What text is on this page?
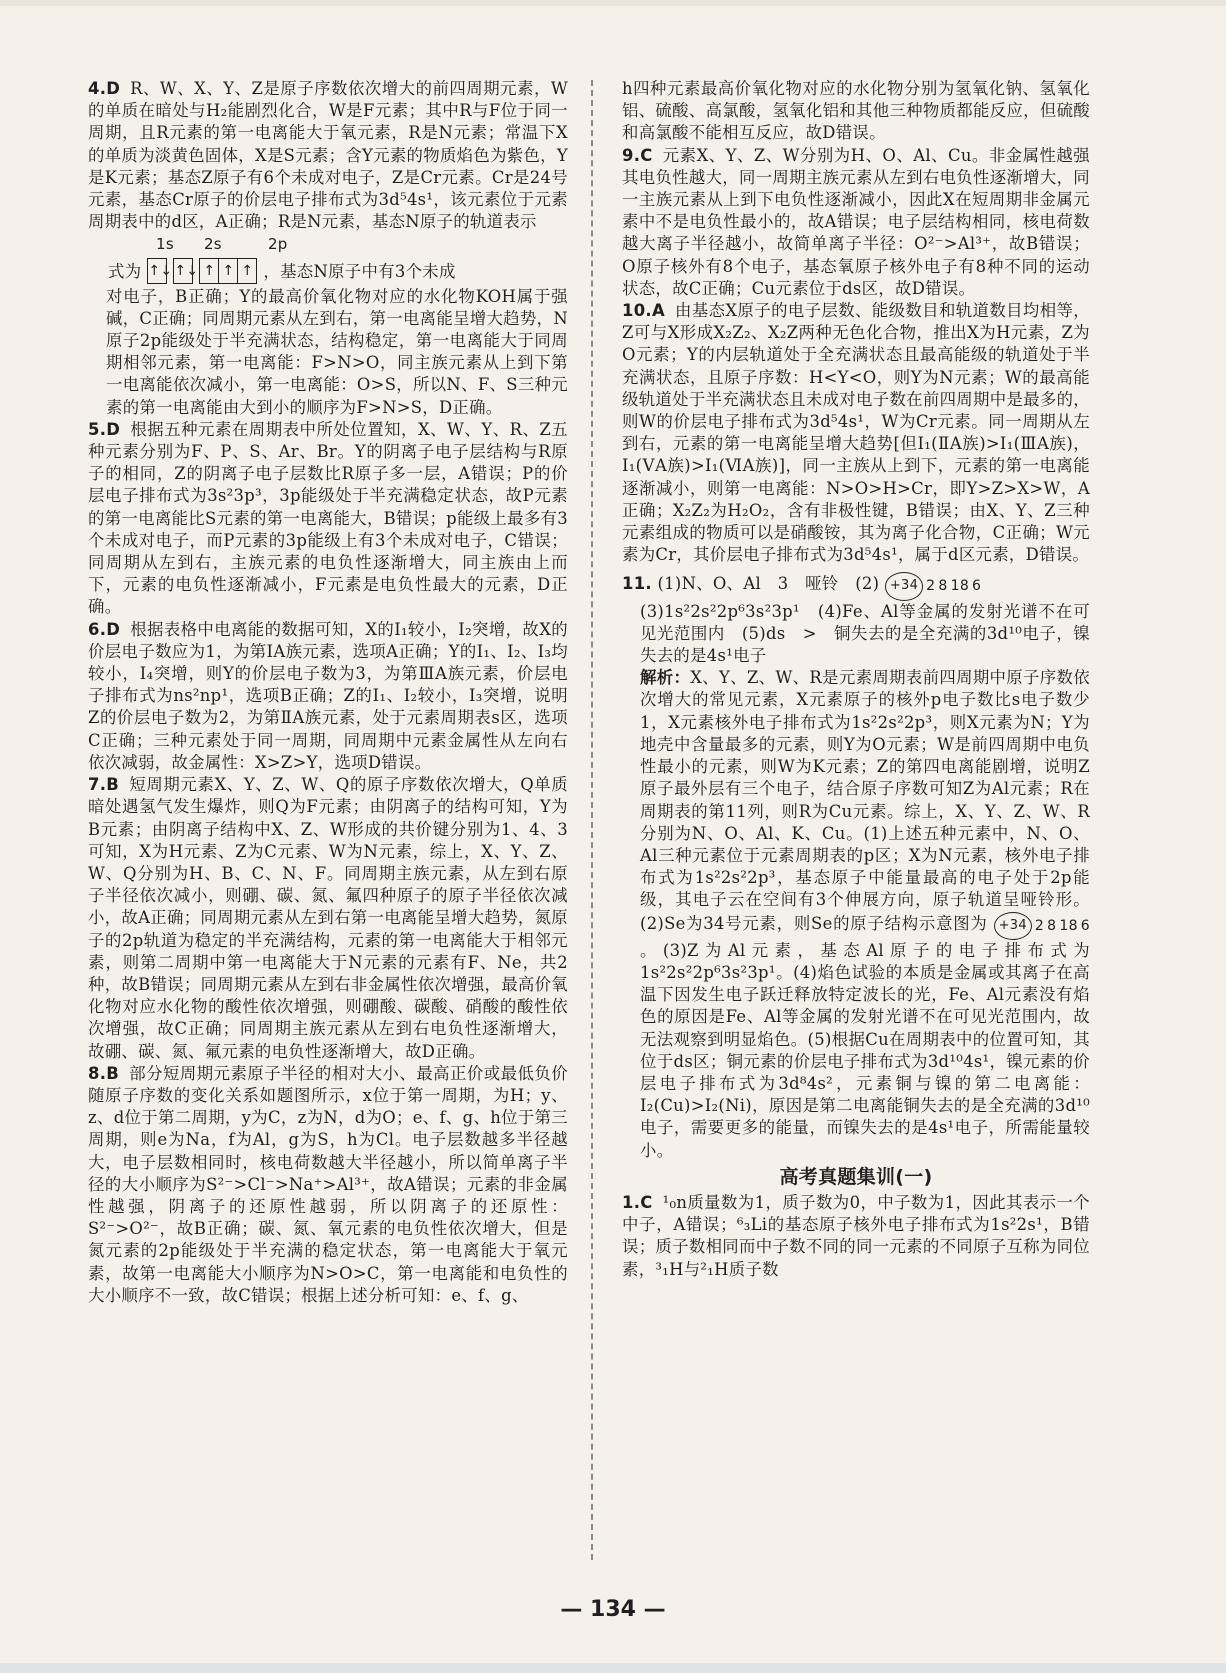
4.D R、W、X、Y、Z是原子序数依次增大的前四周期元素，W的单质在暗处与H₂能剧烈化合，W是F元素；其中R与F位于同一周期，且R元素的第一电离能大于氧元素，R是N元素；常温下X的单质为淡黄色固体，X是S元素；含Y元素的物质焰色为紫色，Y是K元素；基态Z原子有6个未成对电子，Z是Cr元素。Cr是24号元素，基态Cr原子的价层电子排布式为3d⁵4s¹，该元素位于元素周期表中的d区，A正确；R是N元素，基态N原子的轨道表示

1s 2s	2p
式为 ↑↓ ↑↓ ↑ ↑ ↑ ，基态N原子中有3个未成

对电子，B正确；Y的最高价氧化物对应的水化物KOH属于强碱，C正确；同周期元素从左到右，第一电离能呈增大趋势，N原子2p能级处于半充满状态，结构稳定，第一电离能大于同周期相邻元素，第一电离能：F>N>O，同主族元素从上到下第一电离能依次减小，第一电离能：O>S，所以N、F、S三种元素的第一电离能由大到小的顺序为F>N>S，D正确。

5.D 根据五种元素在周期表中所处位置知，X、W、Y、R、Z五种元素分别为F、P、S、Ar、Br。Y的阴离子电子层结构与R原子的相同，Z的阴离子电子层数比R原子多一层，A错误；P的价层电子排布式为3s²3p³，3p能级处于半充满稳定状态，故P元素的第一电离能比S元素的第一电离能大，B错误；p能级上最多有3个未成对电子，而P元素的3p能级上有3个未成对电子，C错误；同周期从左到右，主族元素的电负性逐渐增大，同主族由上而下，元素的电负性逐渐减小，F元素是电负性最大的元素，D正确。

6.D 根据表格中电离能的数据可知，X的I₁较小，I₂突增，故X的价层电子数应为1，为第ⅠA族元素，选项A正确；Y的I₁、I₂、I₃均较小，I₄突增，则Y的价层电子数为3，为第ⅢA族元素，价层电子排布式为ns²np¹，选项B正确；Z的I₁、I₂较小，I₃突增，说明Z的价层电子数为2，为第ⅡA族元素，处于元素周期表s区，选项C正确；三种元素处于同一周期，同周期中元素金属性从左向右依次减弱，故金属性：X>Z>Y，选项D错误。

7.B 短周期元素X、Y、Z、W、Q的原子序数依次增大，Q单质暗处遇氢气发生爆炸，则Q为F元素；由阴离子的结构可知，Y为B元素；由阴离子结构中X、Z、W形成的共价键分别为1、4、3可知，X为H元素、Z为C元素、W为N元素，综上，X、Y、Z、W、Q分别为H、B、C、N、F。同周期主族元素，从左到右原子半径依次减小，则硼、碳、氮、氟四种原子的原子半径依次减小，故A正确；同周期元素从左到右第一电离能呈增大趋势，氮原子的2p轨道为稳定的半充满结构，元素的第一电离能大于相邻元素，则第二周期中第一电离能大于N元素的元素有F、Ne，共2种，故B错误；同周期元素从左到右非金属性依次增强，最高价氧化物对应水化物的酸性依次增强，则硼酸、碳酸、硝酸的酸性依次增强，故C正确；同周期主族元素从左到右电负性逐渐增大，故硼、碳、氮、氟元素的电负性逐渐增大，故D正确。

8.B 部分短周期元素原子半径的相对大小、最高正价或最低负价随原子序数的变化关系如题图所示，x位于第一周期，为H；y、z、d位于第二周期，y为C，z为N，d为O；e、f、g、h位于第三周期，则e为Na，f为Al，g为S，h为Cl。电子层数越多半径越大，电子层数相同时，核电荷数越大半径越小，所以简单离子半径的大小顺序为S²⁻>Cl⁻>Na⁺>Al³⁺，故A错误；元素的非金属性越强，阴离子的还原性越弱，所以阴离子的还原性：S²⁻>O²⁻，故B正确；碳、氮、氧元素的电负性依次增大，但是氮元素的2p能级处于半充满的稳定状态，第一电离能大于氧元素，故第一电离能大小顺序为N>O>C，第一电离能和电负性的大小顺序不一致，故C错误；根据上述分析可知：e、f、g、

h四种元素最高价氧化物对应的水化物分别为氢氧化钠、氢氧化铝、硫酸、高氯酸，氢氧化铝和其他三种物质都能反应，但硫酸和高氯酸不能相互反应，故D错误。

9.C 元素X、Y、Z、W分别为H、O、Al、Cu。非金属性越强其电负性越大，同一周期主族元素从左到右电负性逐渐增大，同一主族元素从上到下电负性逐渐减小，因此X在短周期非金属元素中不是电负性最小的，故A错误；电子层结构相同，核电荷数越大离子半径越小，故简单离子半径：O²⁻>Al³⁺，故B错误；O原子核外有8个电子，基态氧原子核外电子有8种不同的运动状态，故C正确；Cu元素位于ds区，故D错误。

10.A 由基态X原子的电子层数、能级数目和轨道数目均相等，Z可与X形成X₂Z₂、X₂Z两种无色化合物，推出X为H元素，Z为O元素；Y的内层轨道处于全充满状态且最高能级的轨道处于半充满状态，且原子序数：H<Y<O，则Y为N元素；W的最高能级轨道处于半充满状态且未成对电子数在前四周期中是最多的，则W的价层电子排布式为3d⁵4s¹，W为Cr元素。同一周期从左到右，元素的第一电离能呈增大趋势[但I₁(ⅡA族)>I₁(ⅢA族)，I₁(ⅤA族)>I₁(ⅥA族)]，同一主族从上到下，元素的第一电离能逐渐减小，则第一电离能：N>O>H>Cr，即Y>Z>X>W，A正确；X₂Z₂为H₂O₂，含有非极性键，B错误；由X、Y、Z三种元素组成的物质可以是硝酸铵，其为离子化合物，C正确；W元素为Cr，其价层电子排布式为3d⁵4s¹，属于d区元素，D错误。

11. (1)N、O、Al　3　哑铃　(2) +34 2 8 18 6

(3)1s²2s²2p⁶3s²3p¹　(4)Fe、Al等金属的发射光谱不在可见光范围内　(5)ds　>　铜失去的是全充满的3d¹⁰电子，镍失去的是4s¹电子

解析：X、Y、Z、W、R是元素周期表前四周期中原子序数依次增大的常见元素，X元素原子的核外p电子数比s电子数少1，X元素核外电子排布式为1s²2s²2p³，则X元素为N；Y为地壳中含量最多的元素，则Y为O元素；W是前四周期中电负性最小的元素，则W为K元素；Z的第四电离能剧增，说明Z原子最外层有三个电子，结合原子序数可知Z为Al元素；R在周期表的第11列，则R为Cu元素。综上，X、Y、Z、W、R分别为N、O、Al、K、Cu。(1)上述五种元素中，N、O、Al三种元素位于元素周期表的p区；X为N元素，核外电子排布式为1s²2s²2p³，基态原子中能量最高的电子处于2p能级，其电子云在空间有3个伸展方向，原子轨道呈哑铃形。(2)Se为34号元素，则Se的原子结构示意图为 +34 2 8 18 6
。(3)Z为Al元素，基态Al原子的电子排布式为1s²2s²2p⁶3s²3p¹。(4)焰色试验的本质是金属或其离子在高温下因发生电子跃迁释放特定波长的光，Fe、Al元素没有焰色的原因是Fe、Al等金属的发射光谱不在可见光范围内，故无法观察到明显焰色。(5)根据Cu在周期表中的位置可知，其位于ds区；铜元素的价层电子排布式为3d¹⁰4s¹，镍元素的价层电子排布式为3d⁸4s²，元素铜与镍的第二电离能：I₂(Cu)>I₂(Ni)，原因是第二电离能铜失去的是全充满的3d¹⁰电子，需要更多的能量，而镍失去的是4s¹电子，所需能量较小。

高考真题集训(一)

1.C ¹₀n质量数为1，质子数为0，中子数为1，因此其表示一个中子，A错误；⁶₃Li的基态原子核外电子排布式为1s²2s¹，B错误；质子数相同而中子数不同的同一元素的不同原子互称为同位素，³₁H与²₁H质子数

— 134 —
